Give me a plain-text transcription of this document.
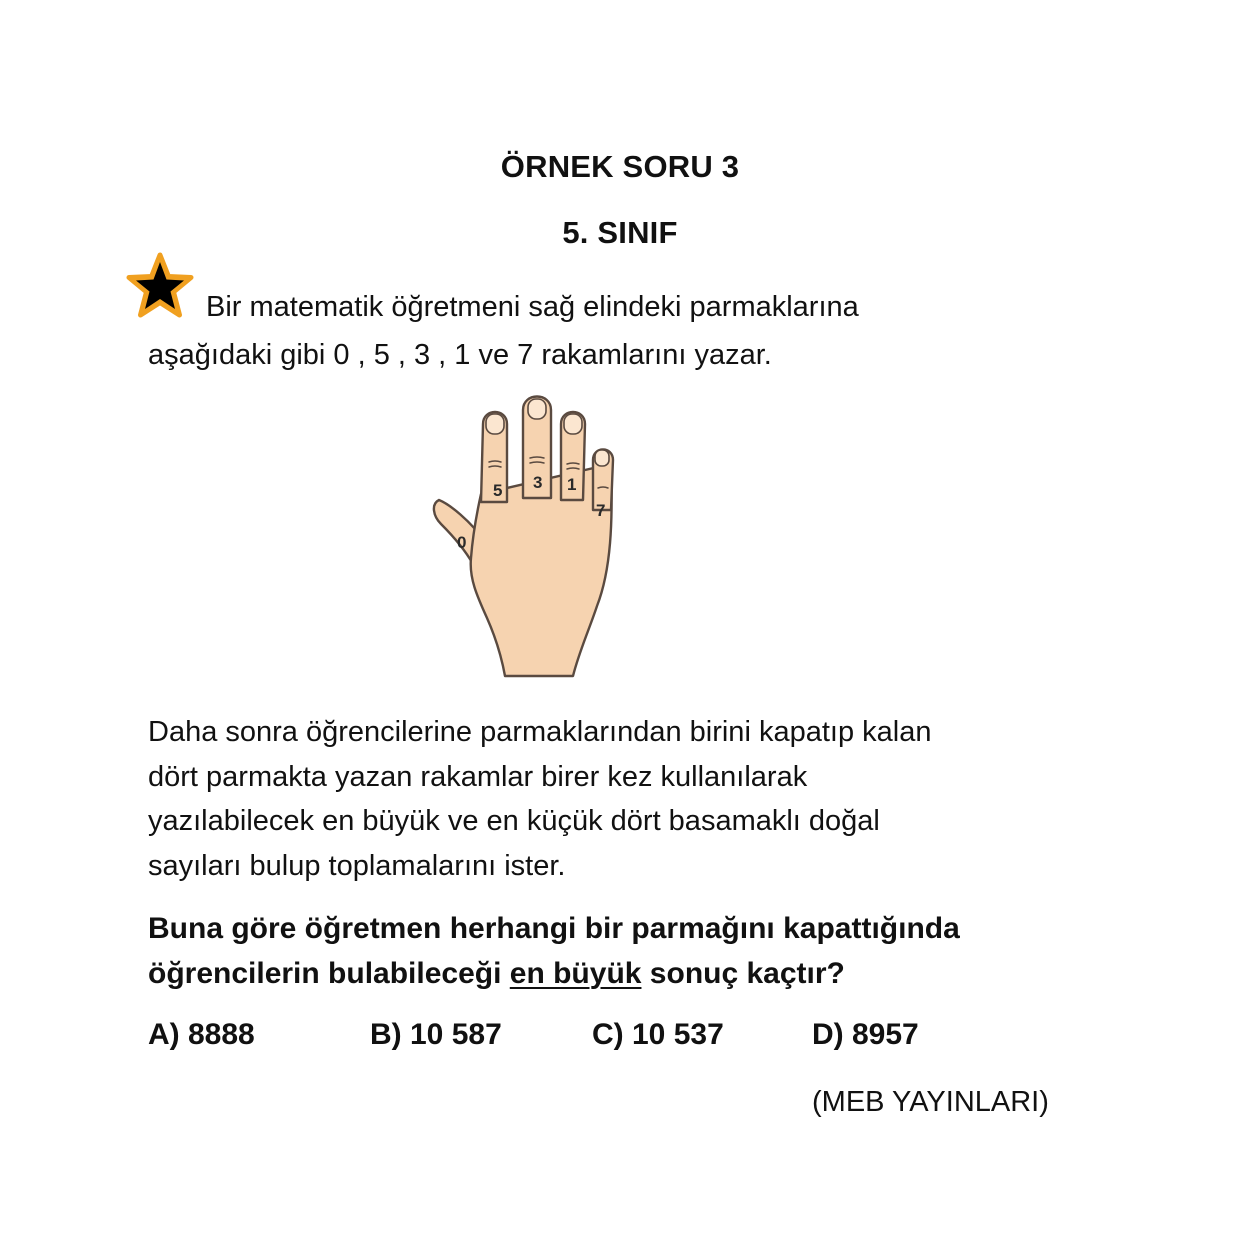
ÖRNEK SORU 3
5. SINIF
Bir matematik öğretmeni sağ elindeki parmaklarına
aşağıdaki gibi 0 , 5 , 3 , 1 ve 7 rakamlarını yazar.
5 3 1
7
0
Daha sonra öğrencilerine parmaklarından birini kapatıp kalan
dört parmakta yazan rakamlar birer kez kullanılarak
yazılabilecek en büyük ve en küçük dört basamaklı doğal
sayıları bulup toplamalarını ister.
Buna göre öğretmen herhangi bir parmağını kapattığında
öğrencilerin bulabileceği en büyük sonuç kaçtır?
A) 8888	B) 10 587	C) 10 537	D) 8957
(MEB YAYINLARI)
